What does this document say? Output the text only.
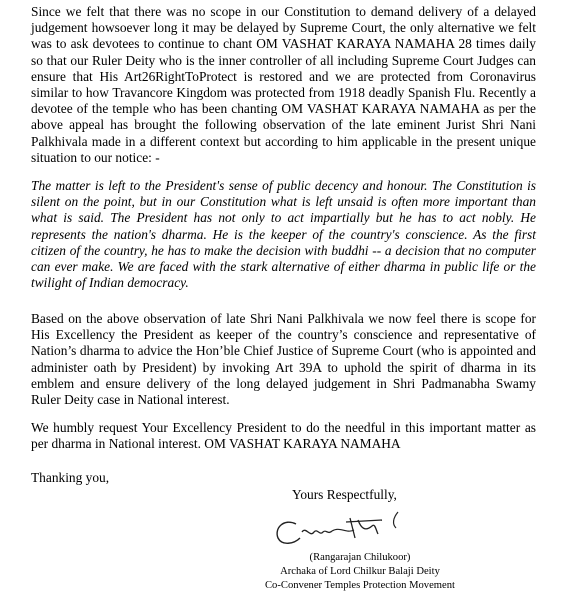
Since we felt that there was no scope in our Constitution to demand delivery of a delayed judgement howsoever long it may be delayed by Supreme Court, the only alternative we felt was to ask devotees to continue to chant OM VASHAT KARAYA NAMAHA 28 times daily so that our Ruler Deity who is the inner controller of all including Supreme Court Judges can ensure that His Art26RightToProtect is restored and we are protected from Coronavirus similar to how Travancore Kingdom was protected from 1918 deadly Spanish Flu. Recently a devotee of the temple who has been chanting OM VASHAT KARAYA NAMAHA as per the above appeal has brought the following observation of the late eminent Jurist Shri Nani Palkhivala made in a different context but according to him applicable in the present unique situation to our notice: -

The matter is left to the President's sense of public decency and honour. The Constitution is silent on the point, but in our Constitution what is left unsaid is often more important than what is said. The President has not only to act impartially but he has to act nobly. He represents the nation's dharma. He is the keeper of the country's conscience. As the first citizen of the country, he has to make the decision with buddhi -- a decision that no computer can ever make. We are faced with the stark alternative of either dharma in public life or the twilight of Indian democracy.

Based on the above observation of late Shri Nani Palkhivala we now feel there is scope for His Excellency the President as keeper of the country’s conscience and representative of Nation’s dharma to advice the Hon’ble Chief Justice of Supreme Court (who is appointed and administer oath by President) by invoking Art 39A to uphold the spirit of dharma in its emblem and ensure delivery of the long delayed judgement in Shri Padmanabha Swamy Ruler Deity case in National interest.

We humbly request Your Excellency President to do the needful in this important matter as per dharma in National interest. OM VASHAT KARAYA NAMAHA

Thanking you,

Yours Respectfully,

(Rangarajan Chilukoor)
Archaka of Lord Chilkur Balaji Deity
Co-Convener Temples Protection Movement
